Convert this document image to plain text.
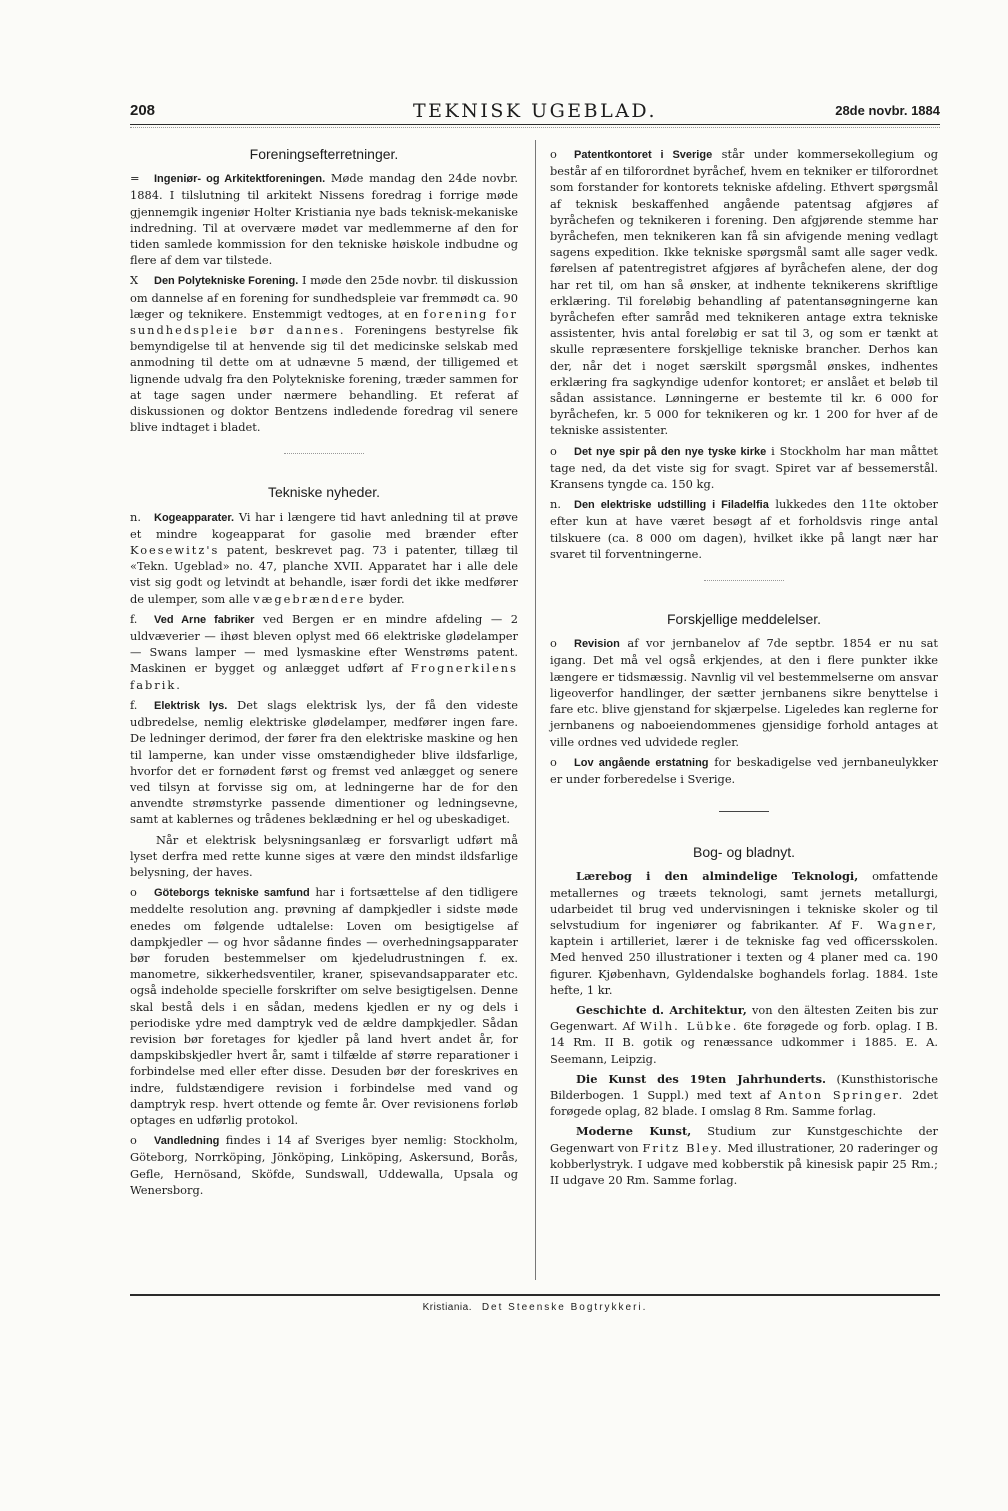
208	TEKNISK UGEBLAD.	28de novbr. 1884
Foreningsefterretninger.

= Ingeniør- og Arkitektforeningen. Møde mandag den 24de novbr. 1884. I tilslutning til arkitekt Nissens foredrag i forrige møde gjennemgik ingeniør Holter Kristiania nye bads teknisk-mekaniske indredning. Til at overvære mødet var medlemmerne af den for tiden samlede kommission for den tekniske høiskole indbudne og flere af dem var tilstede.

X Den Polytekniske Forening. I møde den 25de novbr. til diskussion om dannelse af en forening for sundhedspleie var fremmødt ca. 90 læger og teknikere. Enstemmigt vedtoges, at en forening for sundhedspleie bør dannes. Foreningens bestyrelse fik bemyndigelse til at henvende sig til det medicinske selskab med anmodning til dette om at udnævne 5 mænd, der tilligemed et lignende udvalg fra den Polytekniske forening, træder sammen for at tage sagen under nærmere behandling. Et referat af diskussionen og doktor Bentzens indledende foredrag vil senere blive indtaget i bladet.

Tekniske nyheder.

n. Kogeapparater. Vi har i længere tid havt anledning til at prøve et mindre kogeapparat for gasolie med brænder efter Koesewitz's patent, beskrevet pag. 73 i patenter, tillæg til «Tekn. Ugeblad» no. 47, planche XVII. Apparatet har i alle dele vist sig godt og letvindt at behandle, især fordi det ikke medfører de ulemper, som alle vægebrændere byder.

f. Ved Arne fabriker ved Bergen er en mindre afdeling — 2 uldvæverier — ihøst bleven oplyst med 66 elektriske glødelamper — Swans lamper — med lysmaskine efter Wenstrøms patent. Maskinen er bygget og anlægget udført af Frognerkilens fabrik.

f. Elektrisk lys. Det slags elektrisk lys, der få den videste udbredelse, nemlig elektriske glødelamper, medfører ingen fare. De ledninger derimod, der fører fra den elektriske maskine og hen til lamperne, kan under visse omstændigheder blive ildsfarlige, hvorfor det er fornødent først og fremst ved anlægget og senere ved tilsyn at forvisse sig om, at ledningerne har de for den anvendte strømstyrke passende dimentioner og ledningsevne, samt at kablernes og trådenes beklædning er hel og ubeskadiget.

Når et elektrisk belysningsanlæg er forsvarligt udført må lyset derfra med rette kunne siges at være den mindst ildsfarlige belysning, der haves.

o Göteborgs tekniske samfund har i fortsættelse af den tidligere meddelte resolution ang. prøvning af dampkjedler i sidste møde enedes om følgende udtalelse: Loven om besigtigelse af dampkjedler — og hvor sådanne findes — overhedningsapparater bør foruden bestemmelser om kjedeludrustningen f. ex. manometre, sikkerhedsventiler, kraner, spisevandsapparater etc. også indeholde specielle forskrifter om selve besigtigelsen. Denne skal bestå dels i en sådan, medens kjedlen er ny og dels i periodiske ydre med damptryk ved de ældre dampkjedler. Sådan revision bør foretages for kjedler på land hvert andet år, for dampskibskjedler hvert år, samt i tilfælde af større reparationer i forbindelse med eller efter disse. Desuden bør der foreskrives en indre, fuldstændigere revision i forbindelse med vand og damptryk resp. hvert ottende og femte år. Over revisionens forløb optages en udførlig protokol.

o Vandledning findes i 14 af Sveriges byer nemlig: Stockholm, Göteborg, Norrköping, Jönköping, Linköping, Askersund, Borås, Gefle, Hernösand, Sköfde, Sundswall, Uddewalla, Upsala og Wenersborg.

o Patentkontoret i Sverige står under kommersekollegium og består af en tilforordnet byråchef, hvem en tekniker er tilforordnet som forstander for kontorets tekniske afdeling. Ethvert spørgsmål af teknisk beskaffenhed angående patentsag afgjøres af byråchefen og teknikeren i forening. Den afgjørende stemme har byråchefen, men teknikeren kan få sin afvigende mening vedlagt sagens expedition. Ikke tekniske spørgsmål samt alle sager vedk. førelsen af patentregistret afgjøres af byråchefen alene, der dog har ret til, om han så ønsker, at indhente teknikerens skriftlige erklæring. Til foreløbig behandling af patentansøgningerne kan byråchefen efter samråd med teknikeren antage extra tekniske assistenter, hvis antal foreløbig er sat til 3, og som er tænkt at skulle repræsentere forskjellige tekniske brancher. Derhos kan der, når det i noget særskilt spørgsmål ønskes, indhentes erklæring fra sagkyndige udenfor kontoret; er anslået et beløb til sådan assistance. Lønningerne er bestemte til kr. 6 000 for byråchefen, kr. 5 000 for teknikeren og kr. 1 200 for hver af de tekniske assistenter.

o Det nye spir på den nye tyske kirke i Stockholm har man måttet tage ned, da det viste sig for svagt. Spiret var af bessemerstål. Kransens tyngde ca. 150 kg.

n. Den elektriske udstilling i Filadelfia lukkedes den 11te oktober efter kun at have været besøgt af et forholdsvis ringe antal tilskuere (ca. 8 000 om dagen), hvilket ikke på langt nær har svaret til forventningerne.

Forskjellige meddelelser.

o Revision af vor jernbanelov af 7de septbr. 1854 er nu sat igang. Det må vel også erkjendes, at den i flere punkter ikke længere er tidsmæssig. Navnlig vil vel bestemmelserne om ansvar ligeoverfor handlinger, der sætter jernbanens sikre benyttelse i fare etc. blive gjenstand for skjærpelse. Ligeledes kan reglerne for jernbanens og naboeiendommenes gjensidige forhold antages at ville ordnes ved udvidede regler.

o Lov angående erstatning for beskadigelse ved jernbaneulykker er under forberedelse i Sverige.

Bog- og bladnyt.

Lærebog i den almindelige Teknologi, omfattende metallernes og træets teknologi, samt jernets metallurgi, udarbeidet til brug ved undervisningen i tekniske skoler og til selvstudium for ingeniører og fabrikanter. Af F. Wagner, kaptein i artilleriet, lærer i de tekniske fag ved officersskolen. Med henved 250 illustrationer i texten og 4 planer med ca. 190 figurer. Kjøbenhavn, Gyldendalske boghandels forlag. 1884. 1ste hefte, 1 kr.

Geschichte d. Architektur, von den ältesten Zeiten bis zur Gegenwart. Af Wilh. Lübke. 6te forøgede og forb. oplag. I B. 14 Rm. II B. gotik og renæssance udkommer i 1885. E. A. Seemann, Leipzig.

Die Kunst des 19ten Jahrhunderts. (Kunsthistorische Bilderbogen. 1 Suppl.) med text af Anton Springer. 2det forøgede oplag, 82 blade. I omslag 8 Rm. Samme forlag.

Moderne Kunst, Studium zur Kunstgeschichte der Gegenwart von Fritz Bley. Med illustrationer, 20 raderinger og kobberlystryk. I udgave med kobberstik på kinesisk papir 25 Rm.; II udgave 20 Rm. Samme forlag.

Kristiania. Det Steenske Bogtrykkeri.
